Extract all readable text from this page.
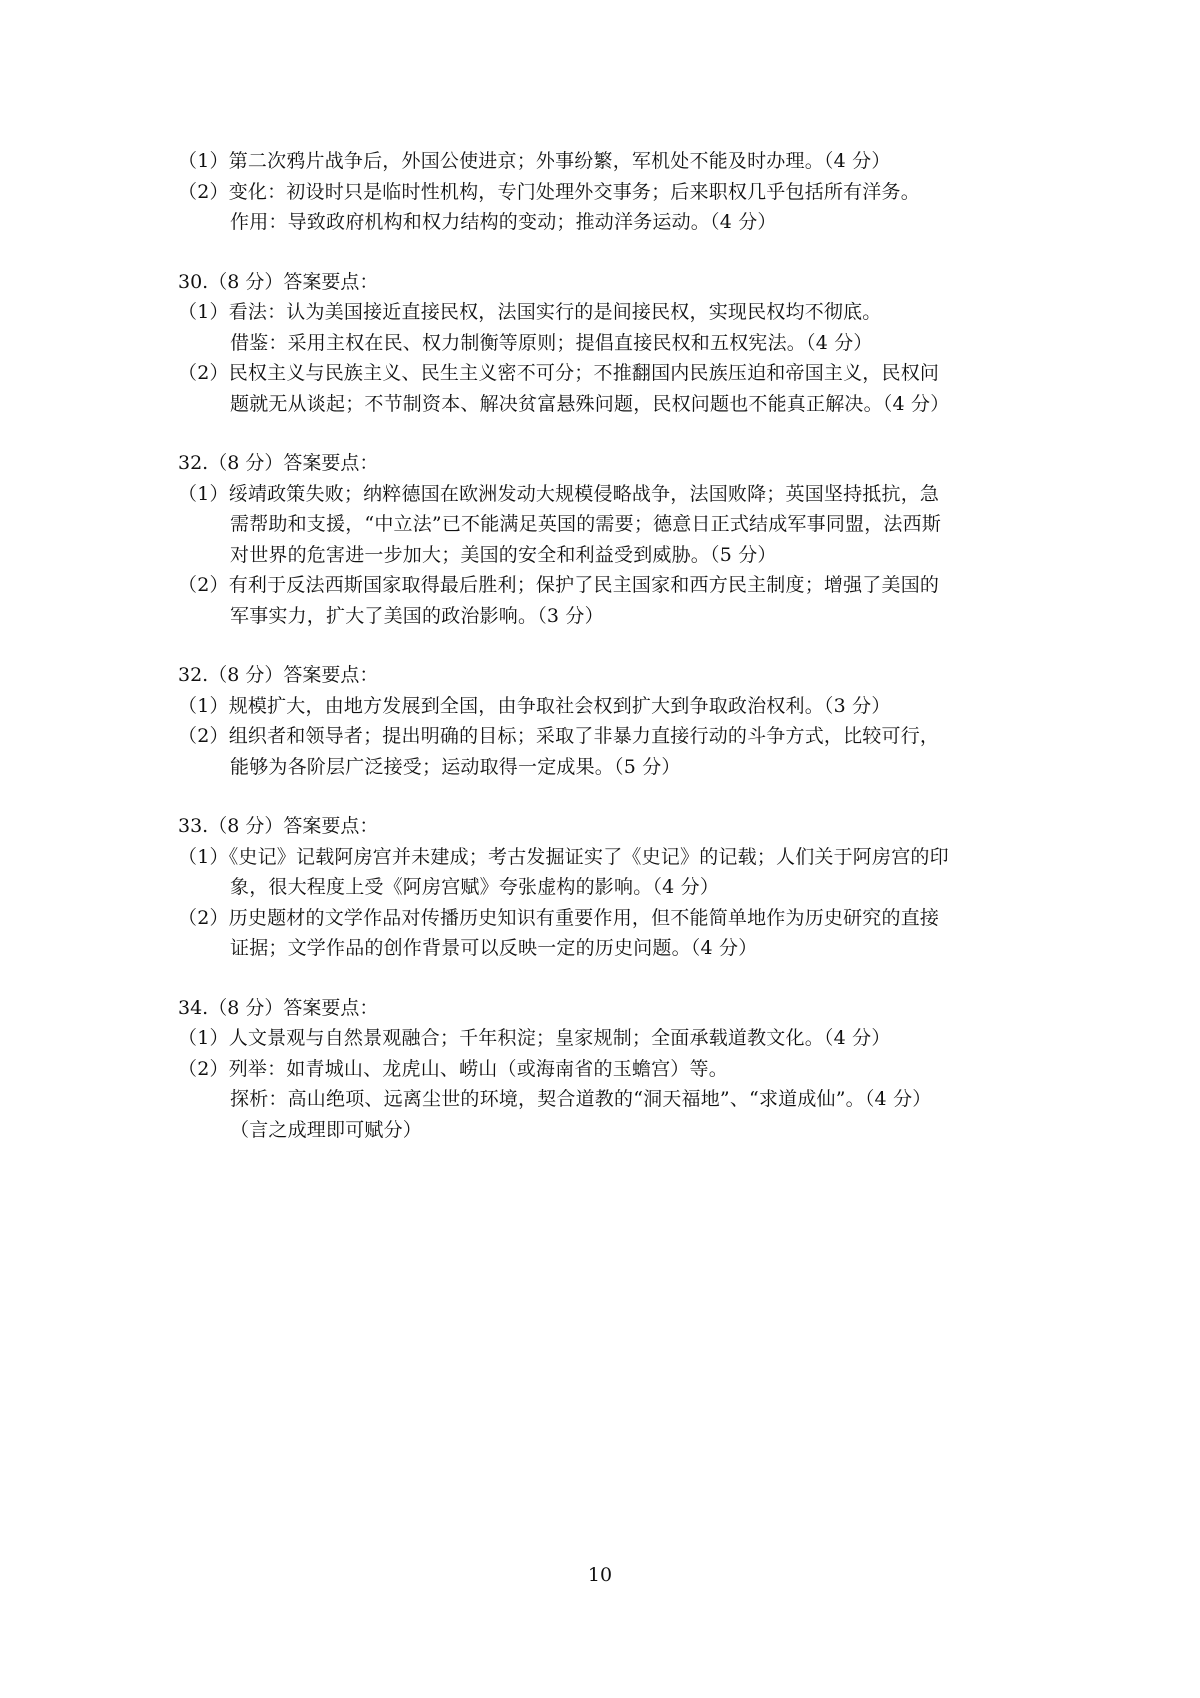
（1）第二次鸦片战争后，外国公使进京；外事纷繁，军机处不能及时办理。（4 分）
（2）变化：初设时只是临时性机构，专门处理外交事务；后来职权几乎包括所有洋务。
作用：导致政府机构和权力结构的变动；推动洋务运动。（4 分）
30.（8 分）答案要点：
（1）看法：认为美国接近直接民权，法国实行的是间接民权，实现民权均不彻底。
借鉴：采用主权在民、权力制衡等原则；提倡直接民权和五权宪法。（4 分）
（2）民权主义与民族主义、民生主义密不可分；不推翻国内民族压迫和帝国主义，民权问
题就无从谈起；不节制资本、解决贫富悬殊问题，民权问题也不能真正解决。（4 分）
32.（8 分）答案要点：
（1）绥靖政策失败；纳粹德国在欧洲发动大规模侵略战争，法国败降；英国坚持抵抗，急
需帮助和支援，“中立法”已不能满足英国的需要；德意日正式结成军事同盟，法西斯
对世界的危害进一步加大；美国的安全和利益受到威胁。（5 分）
（2）有利于反法西斯国家取得最后胜利；保护了民主国家和西方民主制度；增强了美国的
军事实力，扩大了美国的政治影响。（3 分）
32.（8 分）答案要点：
（1）规模扩大，由地方发展到全国，由争取社会权到扩大到争取政治权利。（3 分）
（2）组织者和领导者；提出明确的目标；采取了非暴力直接行动的斗争方式，比较可行，
能够为各阶层广泛接受；运动取得一定成果。（5 分）
33.（8 分）答案要点：
（1）《史记》记载阿房宫并未建成；考古发掘证实了《史记》的记载；人们关于阿房宫的印
象，很大程度上受《阿房宫赋》夸张虚构的影响。（4 分）
（2）历史题材的文学作品对传播历史知识有重要作用，但不能简单地作为历史研究的直接
证据；文学作品的创作背景可以反映一定的历史问题。（4 分）
34.（8 分）答案要点：
（1）人文景观与自然景观融合；千年积淀；皇家规制；全面承载道教文化。（4 分）
（2）列举：如青城山、龙虎山、崂山（或海南省的玉蟾宫）等。
探析：高山绝项、远离尘世的环境，契合道教的“洞天福地”、“求道成仙”。（4 分）
（言之成理即可赋分）
10
